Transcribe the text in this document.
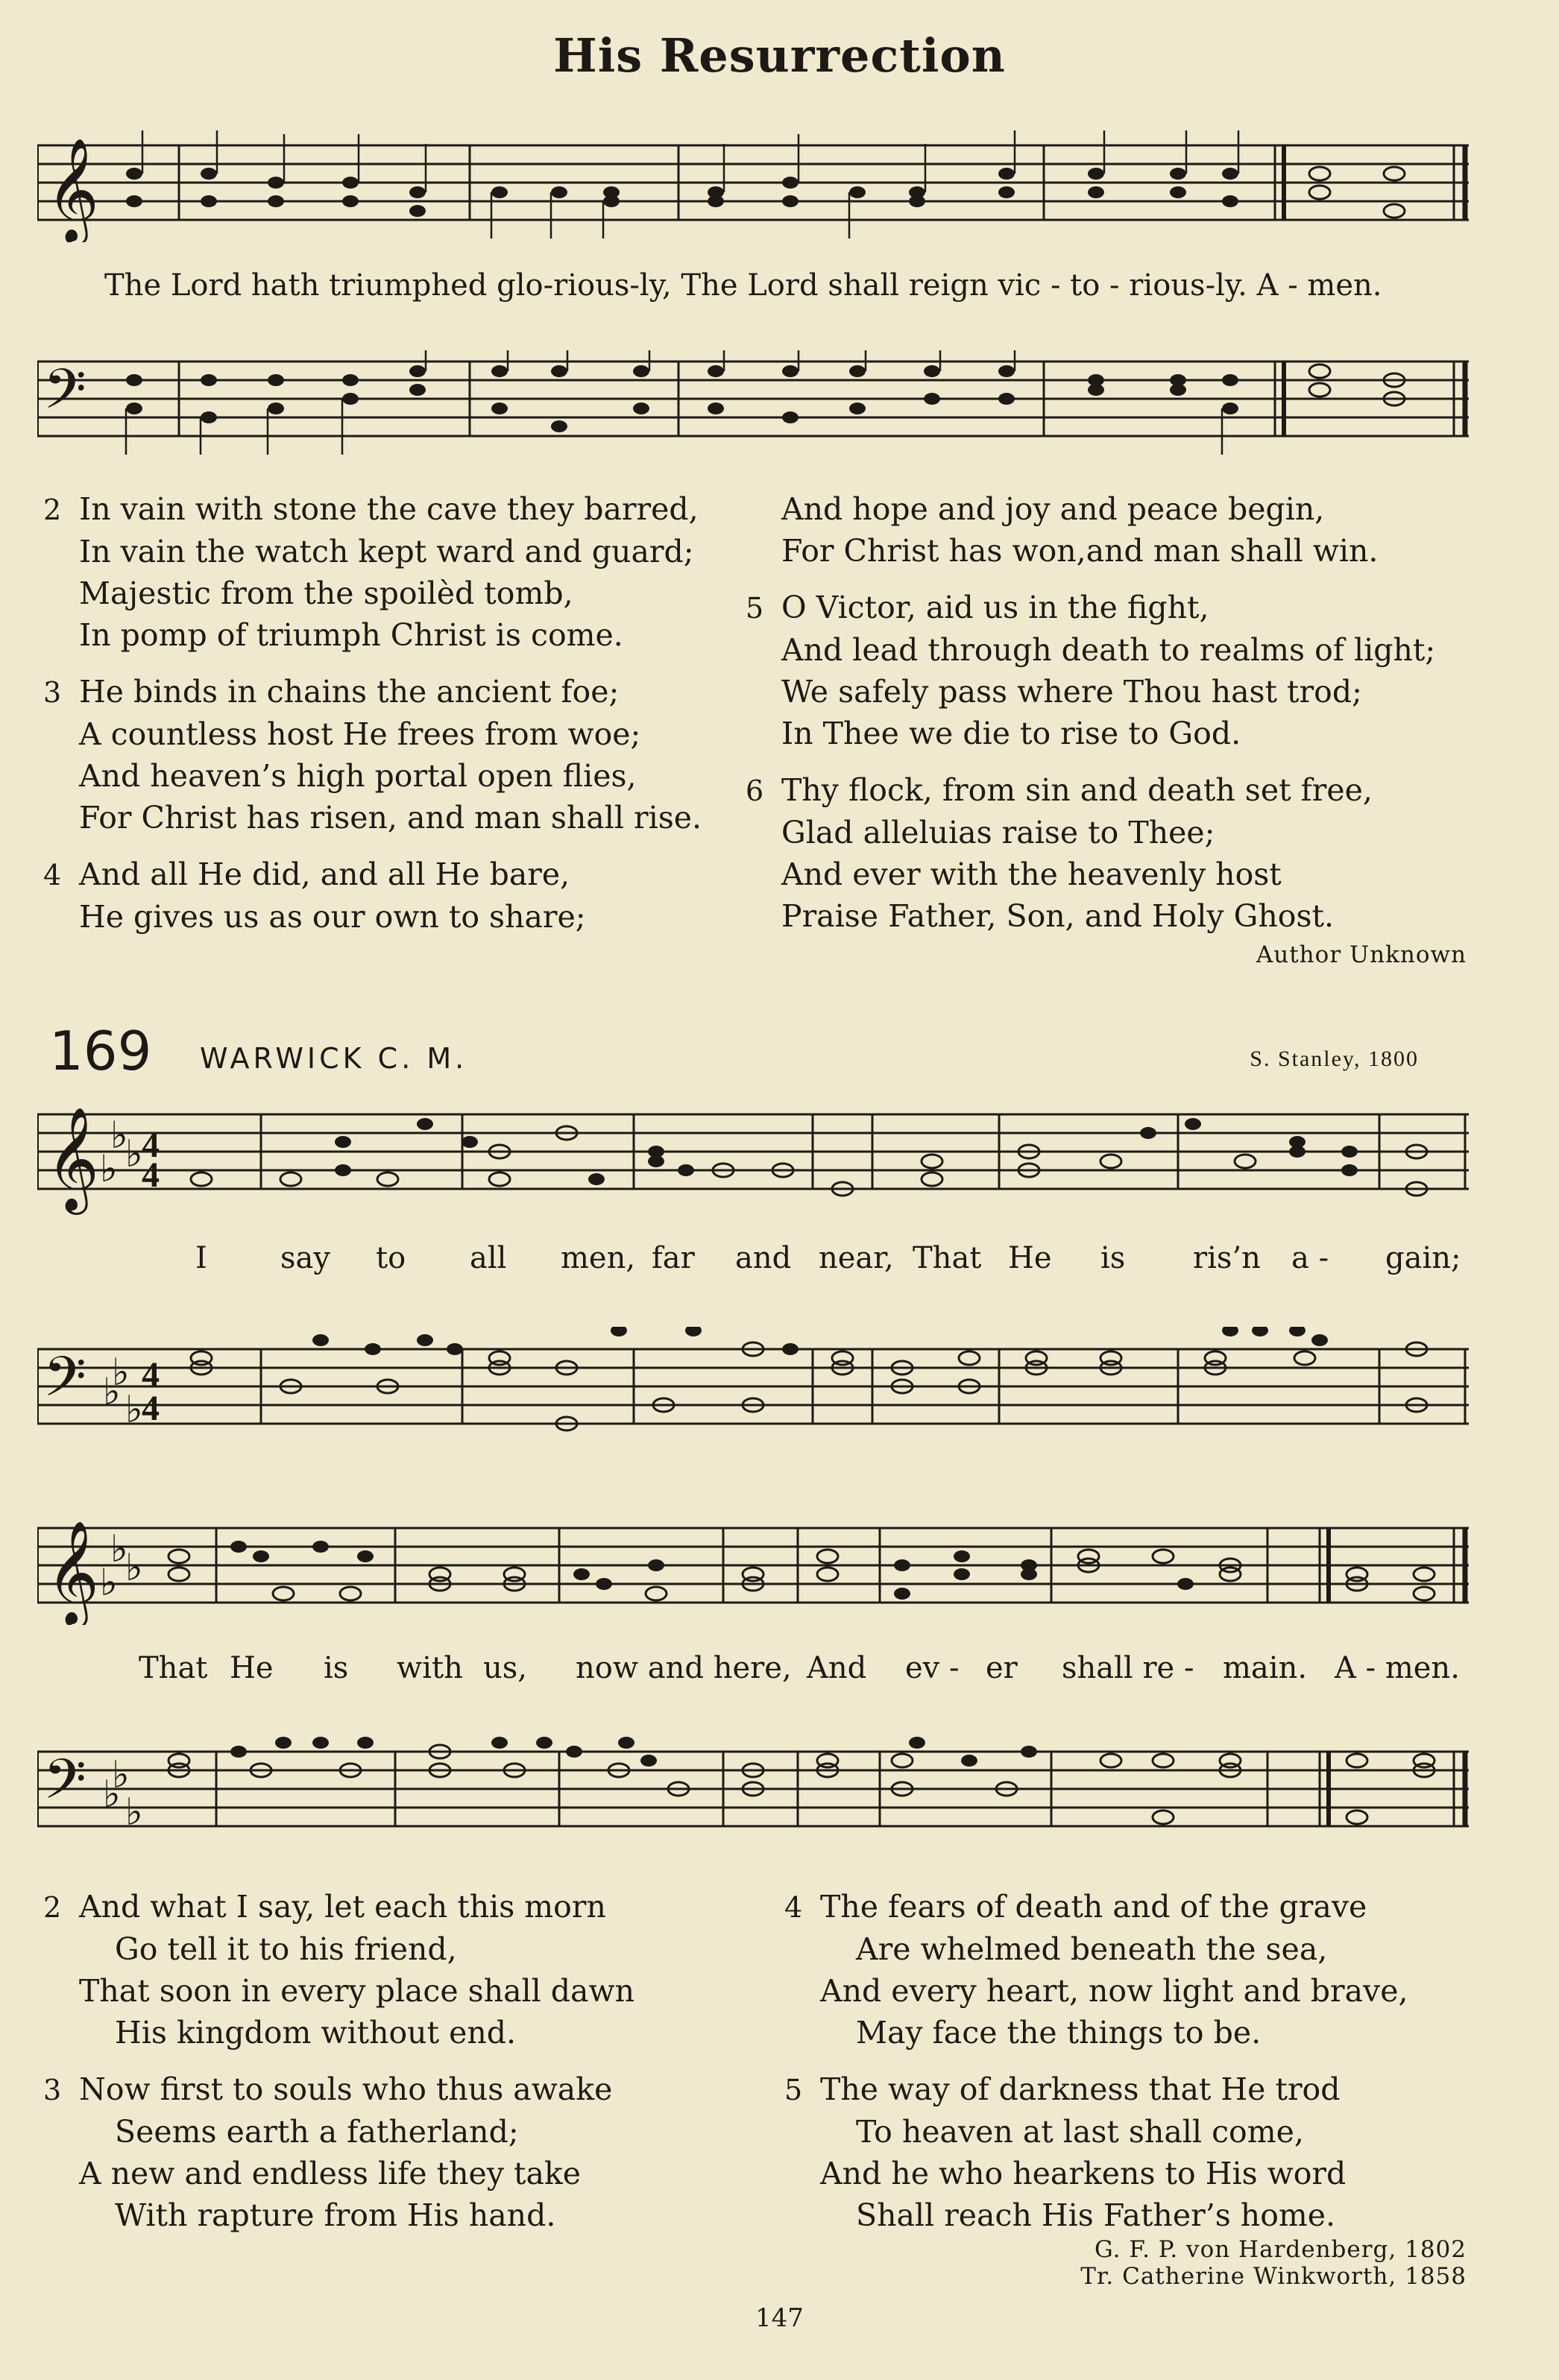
His Resurrection
𝄞
The Lord hath triumphed glo-rious-ly, The Lord shall reign vic - to - rious-ly. A - men.
𝄢
2 In vain with stone the cave they barred,
In vain the watch kept ward and guard;
Majestic from the spoilèd tomb,
In pomp of triumph Christ is come.
3 He binds in chains the ancient foe;
A countless host He frees from woe;
And heaven’s high portal open flies,
For Christ has risen, and man shall rise.
4 And all He did, and all He bare,
He gives us as our own to share;
And hope and joy and peace begin,
For Christ has won,and man shall win.
5 O Victor, aid us in the fight,
And lead through death to realms of light;
We safely pass where Thou hast trod;
In Thee we die to rise to God.
6 Thy flock, from sin and death set free,
Glad alleluias raise to Thee;
And ever with the heavenly host
Praise Father, Son, and Holy Ghost.
Author Unknown
169 WARWICK C. M.	S. Stanley, 1800
𝄞 ♭
♭
♭
4
4
I say to all men, far and near, That He is ris’n a - gain;
𝄢 ♭
♭ ♭
4
4
𝄞 ♭
♭
♭
That He is with us, now and here, And ev - er shall re - main. A - men.
𝄢 ♭
♭ ♭
2 And what I say, let each this morn
Go tell it to his friend,
That soon in every place shall dawn
His kingdom without end.
3 Now first to souls who thus awake
Seems earth a fatherland;
A new and endless life they take
With rapture from His hand.
4 The fears of death and of the grave
Are whelmed beneath the sea,
And every heart, now light and brave,
May face the things to be.
5 The way of darkness that He trod
To heaven at last shall come,
And he who hearkens to His word
Shall reach His Father’s home.
G. F. P. von Hardenberg, 1802
Tr. Catherine Winkworth, 1858
147
